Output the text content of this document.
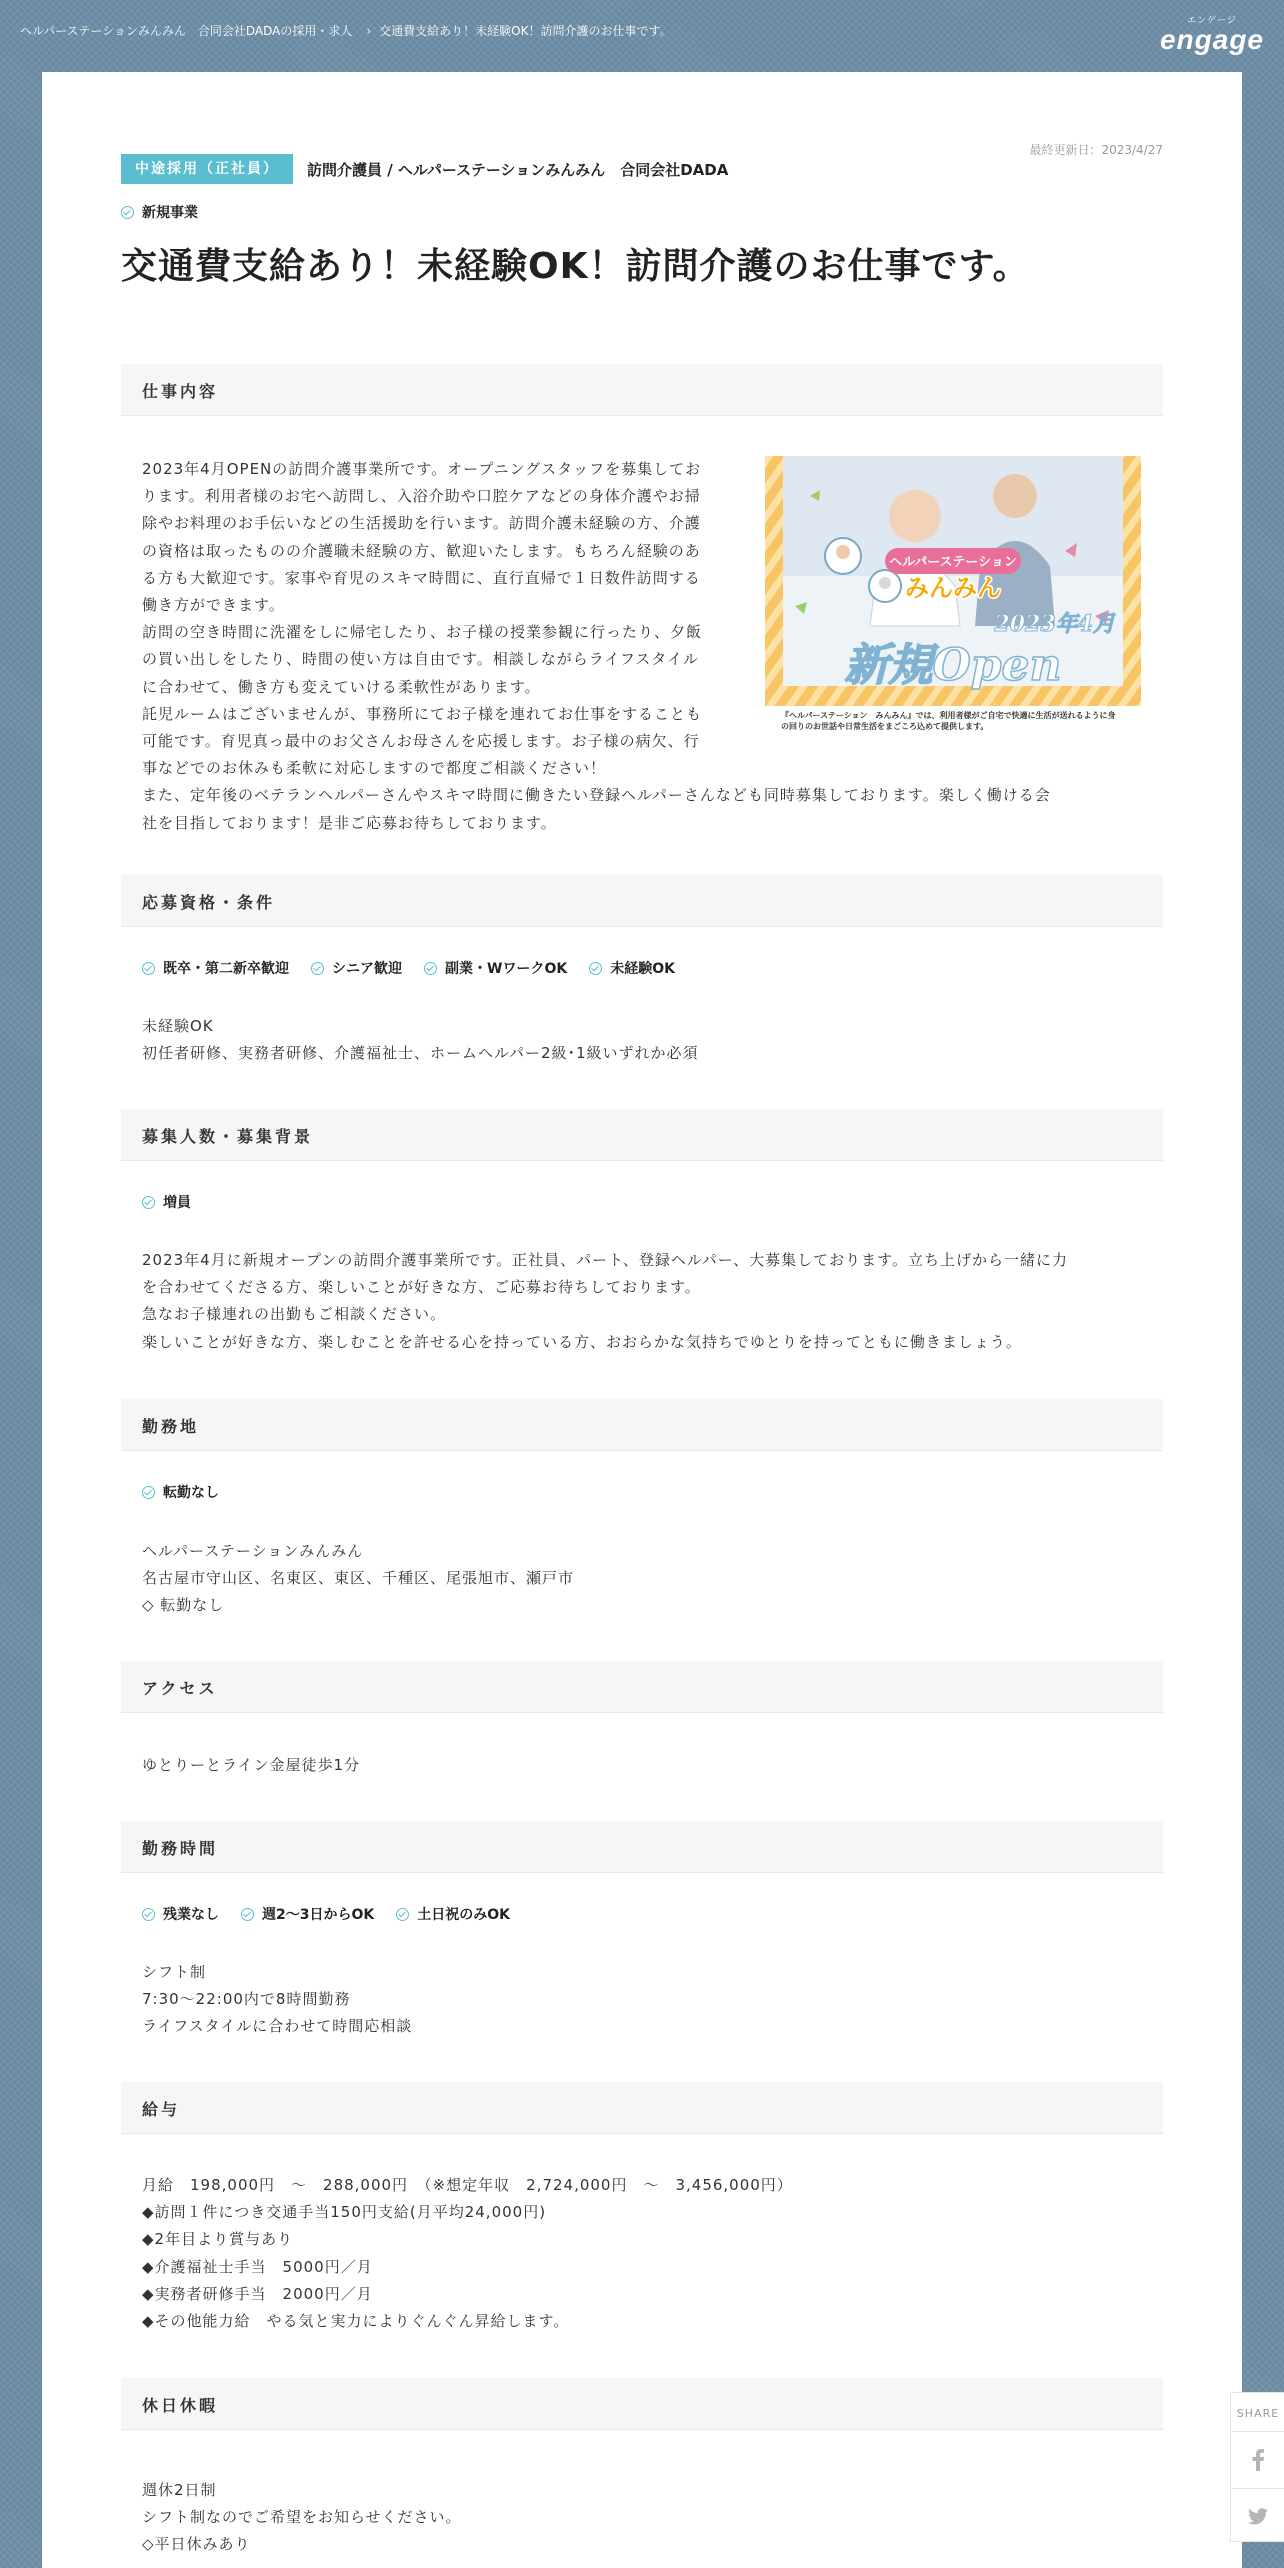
ヘルパーステーションみんみん　合同会社DADAの採用・求人 › 交通費支給あり！未経験OK！訪問介護のお仕事です。
エンゲージ
engage
最終更新日：2023/4/27
中途採用（正社員）	訪問介護員 / ヘルパーステーションみんみん　合同会社DADA
新規事業
交通費支給あり！未経験OK！訪問介護のお仕事です。
仕事内容
2023年4月OPENの訪問介護事業所です。オープニングスタッフを募集してお
ります。利用者様のお宅へ訪問し、入浴介助や口腔ケアなどの身体介護やお掃
除やお料理のお手伝いなどの生活援助を行います。訪問介護未経験の方、介護
の資格は取ったものの介護職未経験の方、歓迎いたします。もちろん経験のあ
る方も大歓迎です。家事や育児のスキマ時間に、直行直帰で１日数件訪問する
働き方ができます。
訪問の空き時間に洗濯をしに帰宅したり、お子様の授業参観に行ったり、夕飯
の買い出しをしたり、時間の使い方は自由です。相談しながらライフスタイル
に合わせて、働き方も変えていける柔軟性があります。
託児ルームはございませんが、事務所にてお子様を連れてお仕事をすることも
可能です。育児真っ最中のお父さんお母さんを応援します。お子様の病欠、行
事などでのお休みも柔軟に対応しますので都度ご相談ください！
また、定年後のベテランヘルパーさんやスキマ時間に働きたい登録ヘルパーさんなども同時募集しております。楽しく働ける会
社を目指しております！是非ご応募お待ちしております。
ヘルパーステーション
みんみん
2023年4月
新規Open
『ヘルパーステーション　みんみん』では、利用者様がご自宅で快適に生活が送れるように身の回りのお世話や日常生活をまごころ込めて提供します。
応募資格・条件
既卒・第二新卒歓迎	シニア歓迎	副業・WワークOK	未経験OK
未経験OK
初任者研修、実務者研修、介護福祉士、ホームヘルパー2級･1級いずれか必須
募集人数・募集背景
増員
2023年4月に新規オープンの訪問介護事業所です。正社員、パート、登録ヘルパー、大募集しております。立ち上げから一緒に力
を合わせてくださる方、楽しいことが好きな方、ご応募お待ちしております。
急なお子様連れの出勤もご相談ください。
楽しいことが好きな方、楽しむことを許せる心を持っている方、おおらかな気持ちでゆとりを持ってともに働きましょう。
勤務地
転勤なし
ヘルパーステーションみんみん
名古屋市守山区、名東区、東区、千種区、尾張旭市、瀬戸市
◇ 転勤なし
アクセス
ゆとりーとライン金屋徒歩1分
勤務時間
残業なし	週2～3日からOK	土日祝のみOK
シフト制
7:30～22:00内で8時間勤務
ライフスタイルに合わせて時間応相談
給与
月給　198,000円　～　288,000円　（※想定年収　2,724,000円　～　3,456,000円）
◆訪問１件につき交通手当150円支給(月平均24,000円)
◆2年目より賞与あり
◆介護福祉士手当　5000円／月
◆実務者研修手当　2000円／月
◆その他能力給　やる気と実力によりぐんぐん昇給します。
休日休暇
週休2日制
シフト制なのでご希望をお知らせください。
◇平日休みあり
SHARE
